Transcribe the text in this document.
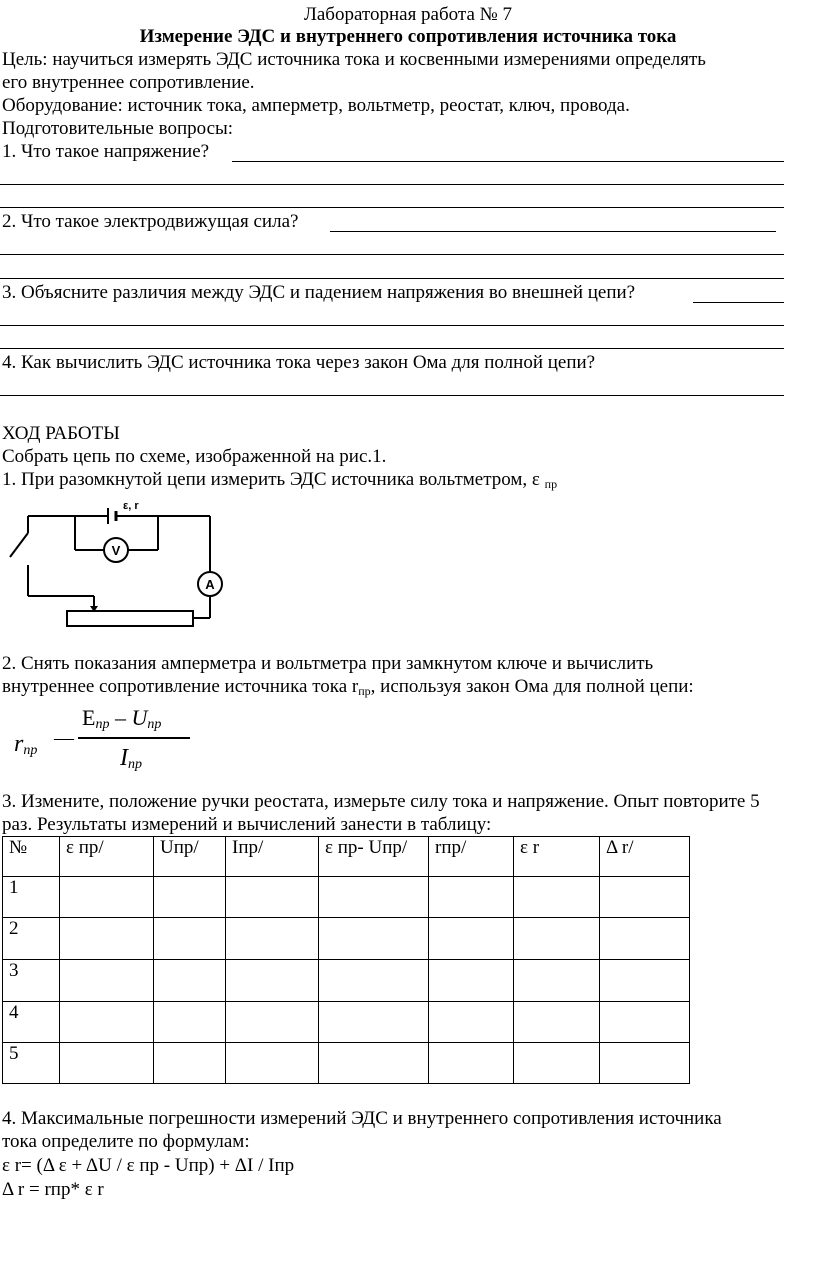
Лабораторная работа № 7
Измерение ЭДС и внутреннего сопротивления источника тока
Цель: научиться измерять ЭДС источника тока и косвенными измерениями определять
его внутреннее сопротивление.
Оборудование: источник тока, амперметр, вольтметр, реостат, ключ, провода.
Подготовительные вопросы:
1. Что такое напряжение?
2. Что такое электродвижущая сила?
3. Объясните различия между ЭДС и падением напряжения во внешней цепи?
4. Как вычислить ЭДС источника тока через закон Ома для полной цепи?
ХОД РАБОТЫ
Собрать цепь по схеме, изображенной на рис.1.
1. При разомкнутой цепи измерить ЭДС источника вольтметром, ε $_{пр}$
V
A
ε, r
2. Снять показания амперметра и вольтметра при замкнутом ключе и вычислить
внутреннее сопротивление источника тока $r_{пр}$, используя закон Ома для полной цепи:
$r_{пр}$
—
$E_{пр} - U_{пр}$
$I_{пр}$
3. Измените, положение ручки реостата, измерьте силу тока и напряжение. Опыт повторите 5
раз. Результаты измерений и вычислений занести в таблицу:
№	ε пр/	Uпр/	Iпр/	ε пр- Uпр/	rпр/	ε r	Δ r/
1							
2							
3							
4							
5							
4. Максимальные погрешности измерений ЭДС и внутреннего сопротивления источника
тока определите по формулам:
ε r= (Δ ε + ΔU / ε пр - Uпр) + ΔI / Iпр
Δ r = rпр* ε r
